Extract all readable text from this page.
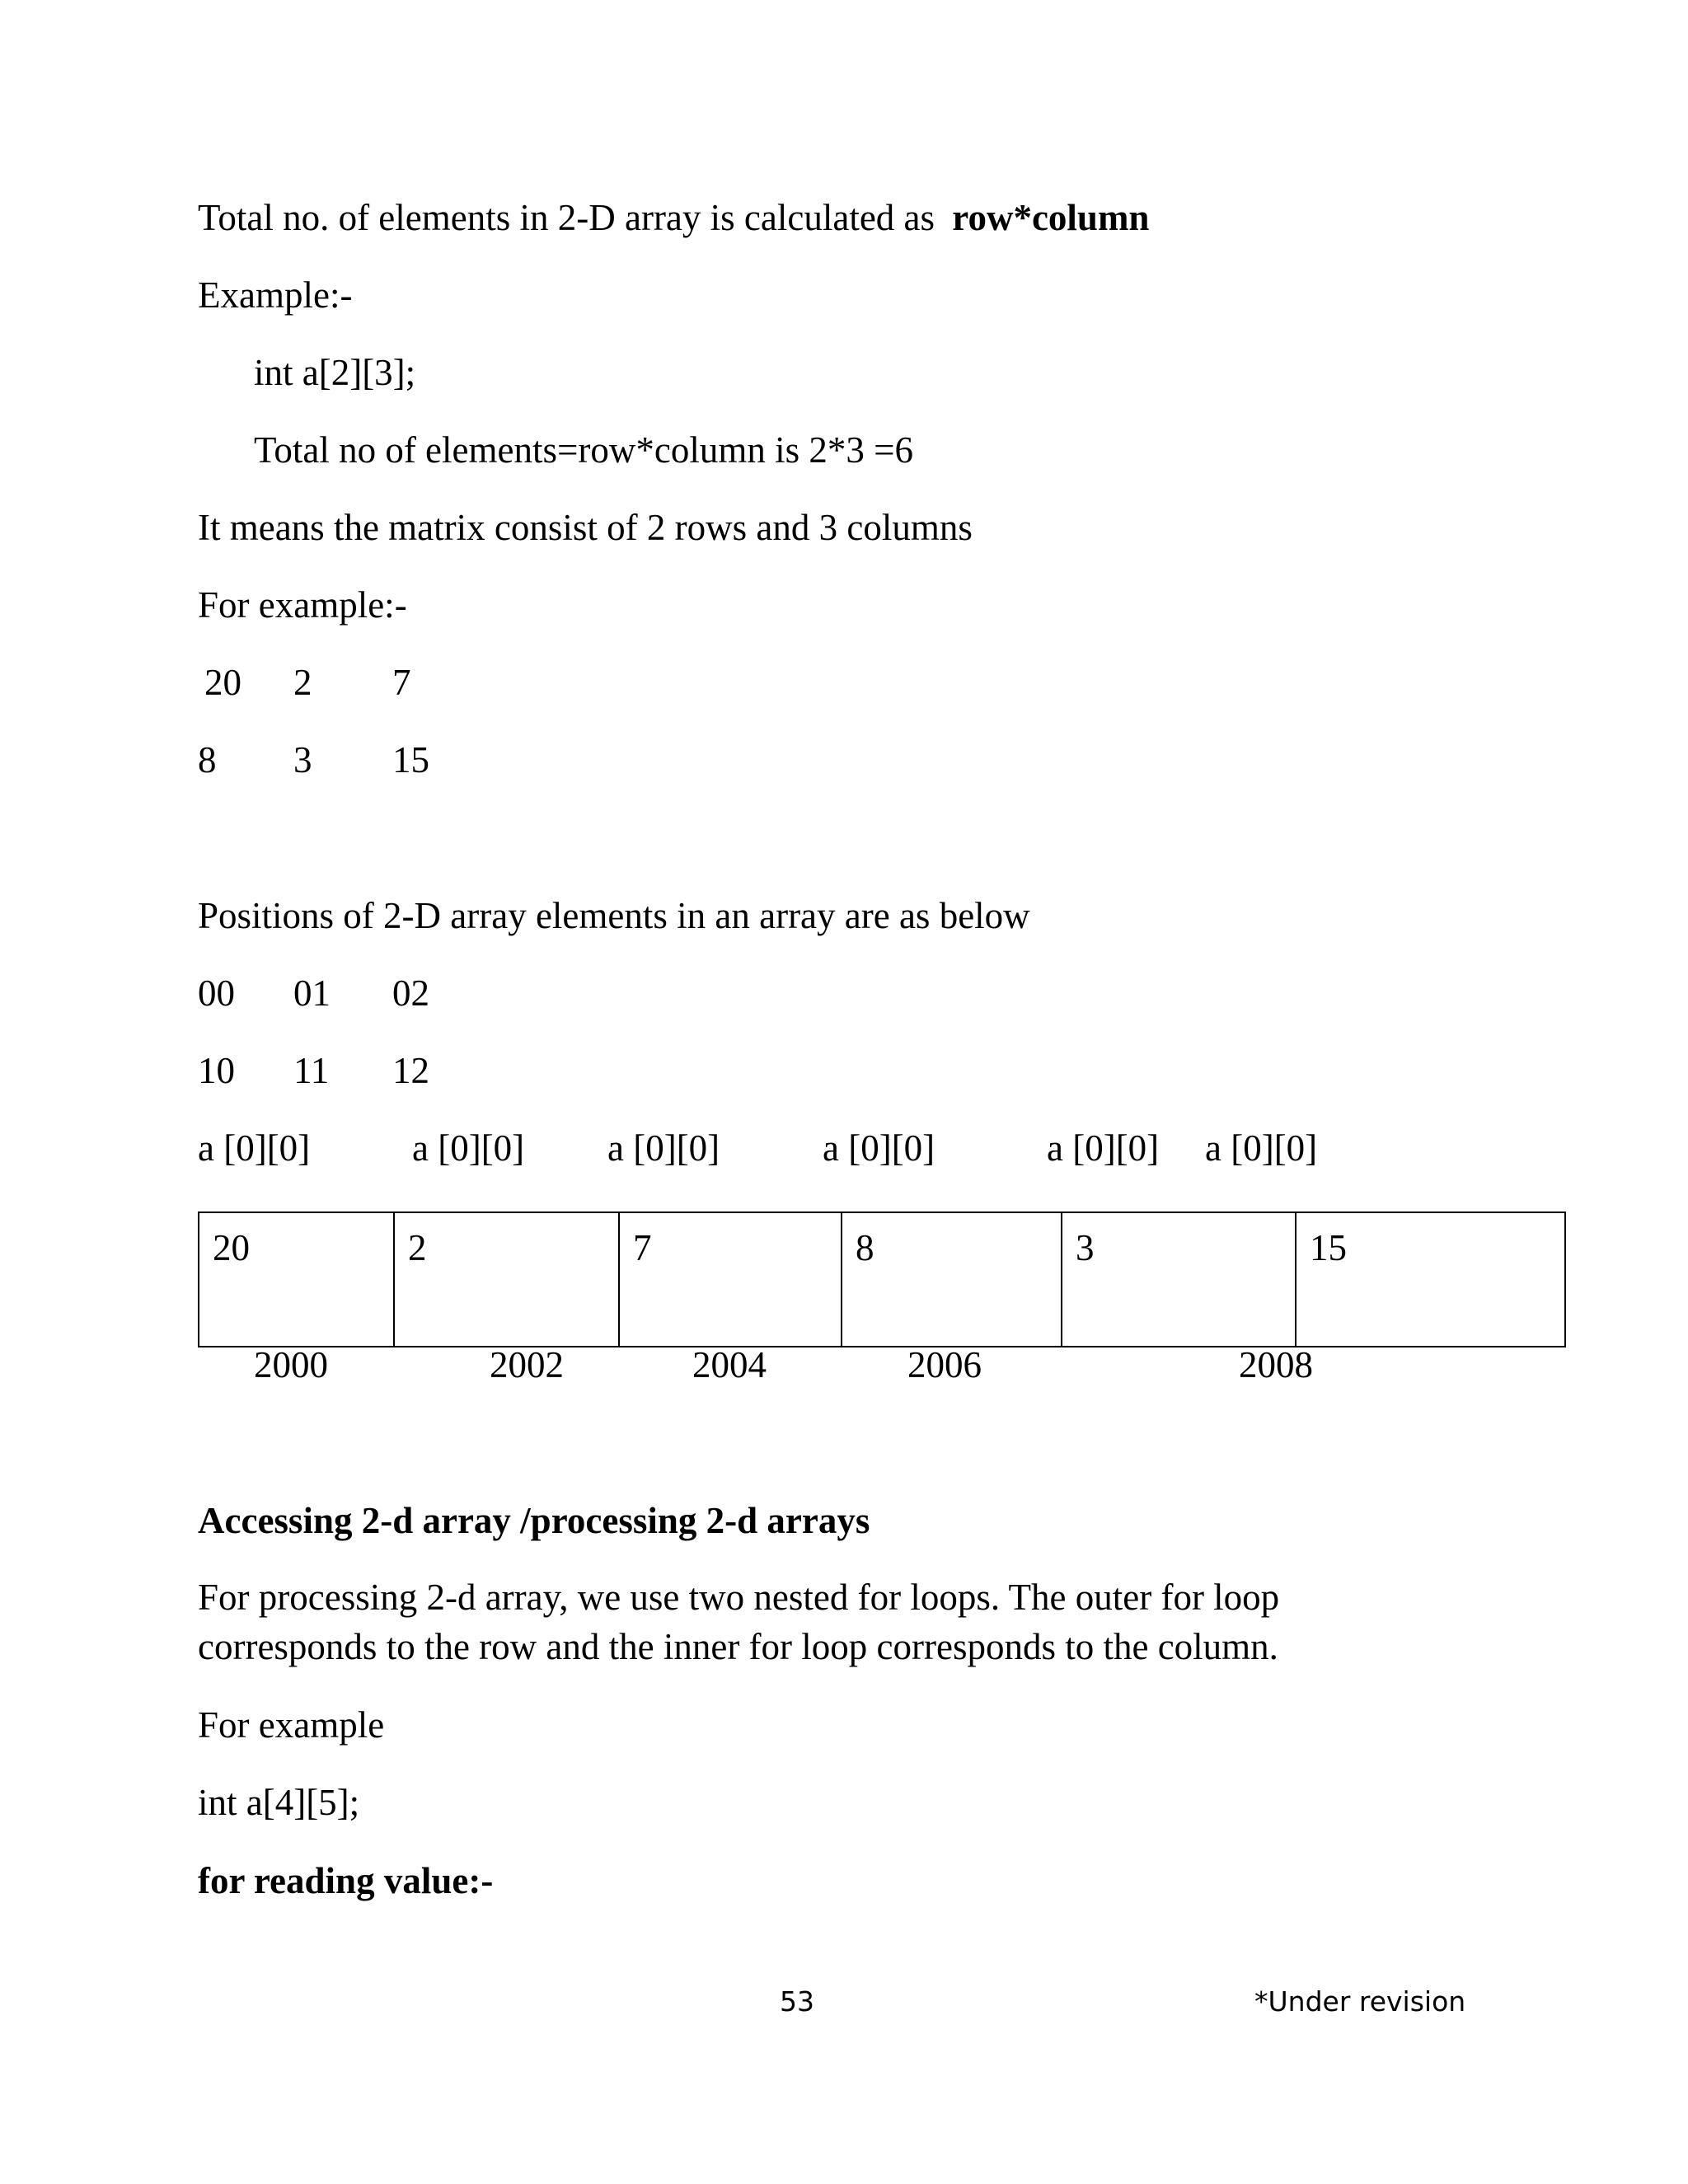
Total no. of elements in 2-D array is calculated as row*column
Example:-
int a[2][3];
Total no of elements=row*column is 2*3 =6
It means the matrix consist of 2 rows and 3 columns
For example:-
20 2 7
8 3 15
Positions of 2-D array elements in an array are as below
00 01 02
10 11 12
a [0][0]	a [0][0] a [0][0]	a [0][0]	a [0][0] a [0][0]
20	2	7	8	3	15
2000	2002	2004	2006	2008
Accessing 2-d array /processing 2-d arrays
For processing 2-d array, we use two nested for loops. The outer for loop
corresponds to the row and the inner for loop corresponds to the column.
For example
int a[4][5];
for reading value:-
53	*Under revision
